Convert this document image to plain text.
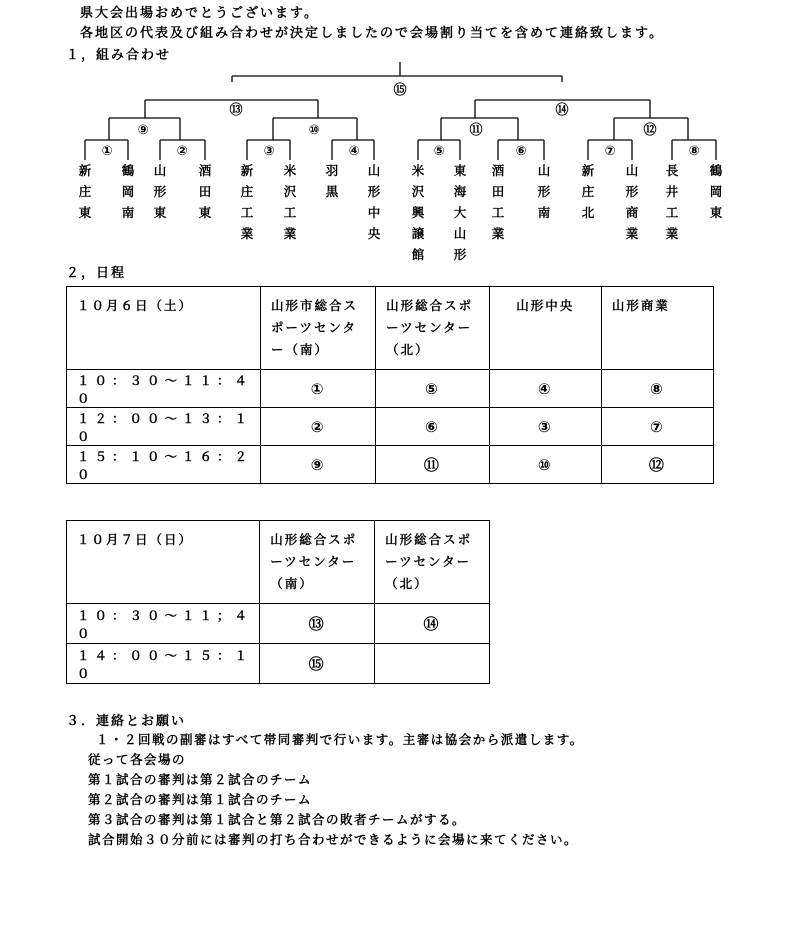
県大会出場おめでとうございます。
各地区の代表及び組み合わせが決定しましたので会場割り当てを含めて連絡致します。
１，組み合わせ
⑮
⑬	⑭
⑨	⑩	⑪	⑫
①	②	③	④	⑤	⑥	⑦	⑧
新庄東
鶴岡南
山形東
酒田東
新庄工業
米沢工業
羽黒
山形中央
米沢興譲館
東海大山形
酒田工業
山形南
新庄北
山形商業
長井工業
鶴岡東
２，日程
１０月６日（土）	山形市総合スポーツセンター（南）	山形総合スポーツセンター（北）	山形中央	山形商業
１０：３０～１１：４０	①	⑤	④	⑧
１２：００～１３：１０	②	⑥	③	⑦
１５：１０～１６：２０	⑨	⑪	⑩	⑫
１０月７日（日）	山形総合スポーツセンター（南）	山形総合スポーツセンター（北）
１０：３０～１１；４０	⑬	⑭
１４：００～１５：１０	⑮	
３．連絡とお願い
１・２回戦の副審はすべて帯同審判で行います。主審は協会から派遣します。
従って各会場の
第１試合の審判は第２試合のチーム
第２試合の審判は第１試合のチーム
第３試合の審判は第１試合と第２試合の敗者チームがする。
試合開始３０分前には審判の打ち合わせができるように会場に来てください。
